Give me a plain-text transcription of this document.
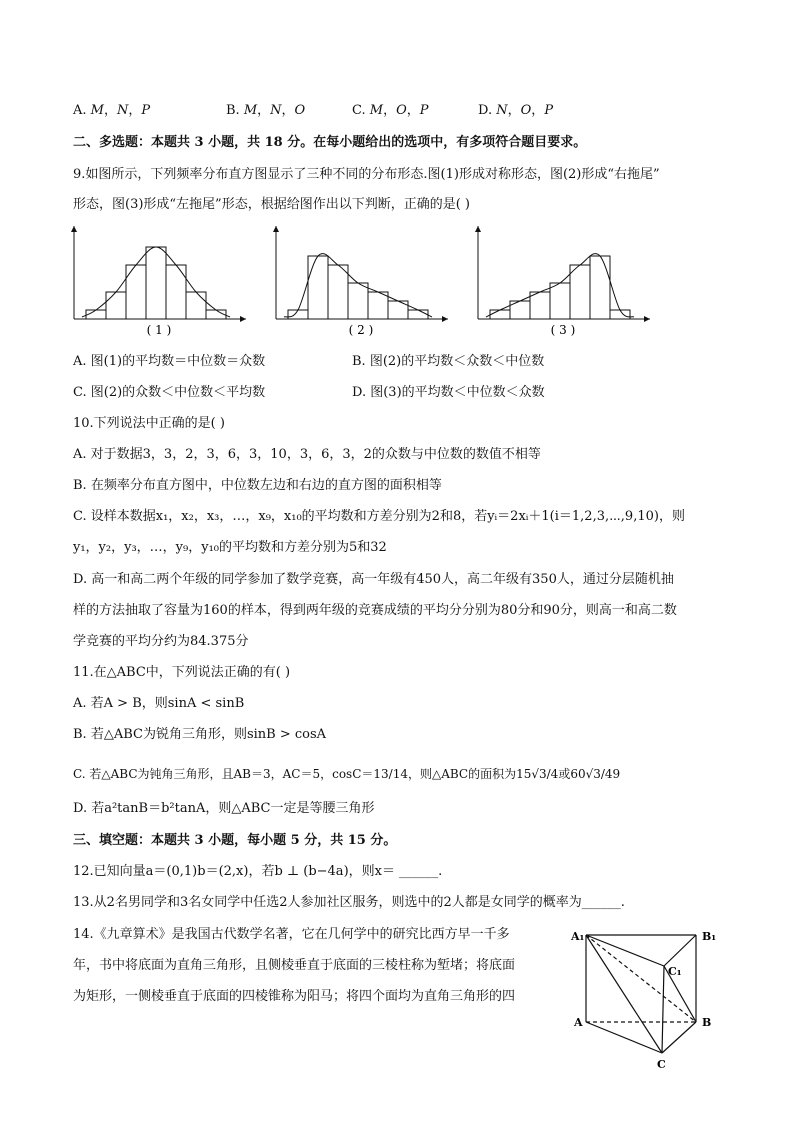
A. M，N，P	B. M，N，O	C. M，O，P	D. N，O，P
二、多选题：本题共 3 小题，共 18 分。在每小题给出的选项中，有多项符合题目要求。
9.如图所示，下列频率分布直方图显示了三种不同的分布形态.图(1)形成对称形态，图(2)形成“右拖尾”
形态，图(3)形成“左拖尾”形态，根据给图作出以下判断，正确的是( )
( 1 )	( 2 )	( 3 )
A. 图(1)的平均数＝中位数＝众数	B. 图(2)的平均数＜众数＜中位数
C. 图(2)的众数＜中位数＜平均数	D. 图(3)的平均数＜中位数＜众数
10.下列说法中正确的是( )
A. 对于数据3，3，2，3，6，3，10，3，6，3，2的众数与中位数的数值不相等
B. 在频率分布直方图中，中位数左边和右边的直方图的面积相等
C. 设样本数据x₁，x₂，x₃，…，x₉，x₁₀的平均数和方差分别为2和8，若yᵢ＝2xᵢ＋1(i＝1,2,3,⋯,9,10)，则
y₁，y₂，y₃，…，y₉，y₁₀的平均数和方差分别为5和32
D. 高一和高二两个年级的同学参加了数学竞赛，高一年级有450人，高二年级有350人，通过分层随机抽
样的方法抽取了容量为160的样本，得到两年级的竞赛成绩的平均分分别为80分和90分，则高一和高二数
学竞赛的平均分约为84.375分
11.在△ABC中，下列说法正确的有( )
A. 若A > B，则sinA < sinB
B. 若△ABC为锐角三角形，则sinB > cosA
C. 若△ABC为钝角三角形，且AB＝3，AC＝5，cosC＝13/14，则△ABC的面积为15√3/4或60√3/49
D. 若a²tanB＝b²tanA，则△ABC一定是等腰三角形
三、填空题：本题共 3 小题，每小题 5 分，共 15 分。
12.已知向量a＝(0,1)b＝(2,x)，若b ⊥ (b−4a)，则x＝ ______.
13.从2名男同学和3名女同学中任选2人参加社区服务，则选中的2人都是女同学的概率为______.
14.《九章算术》是我国古代数学名著，它在几何学中的研究比西方早一千多
年，书中将底面为直角三角形，且侧棱垂直于底面的三棱柱称为堑堵；将底面
为矩形，一侧棱垂直于底面的四棱锥称为阳马；将四个面均为直角三角形的四
A₁	B₁
C₁
A	B
C
